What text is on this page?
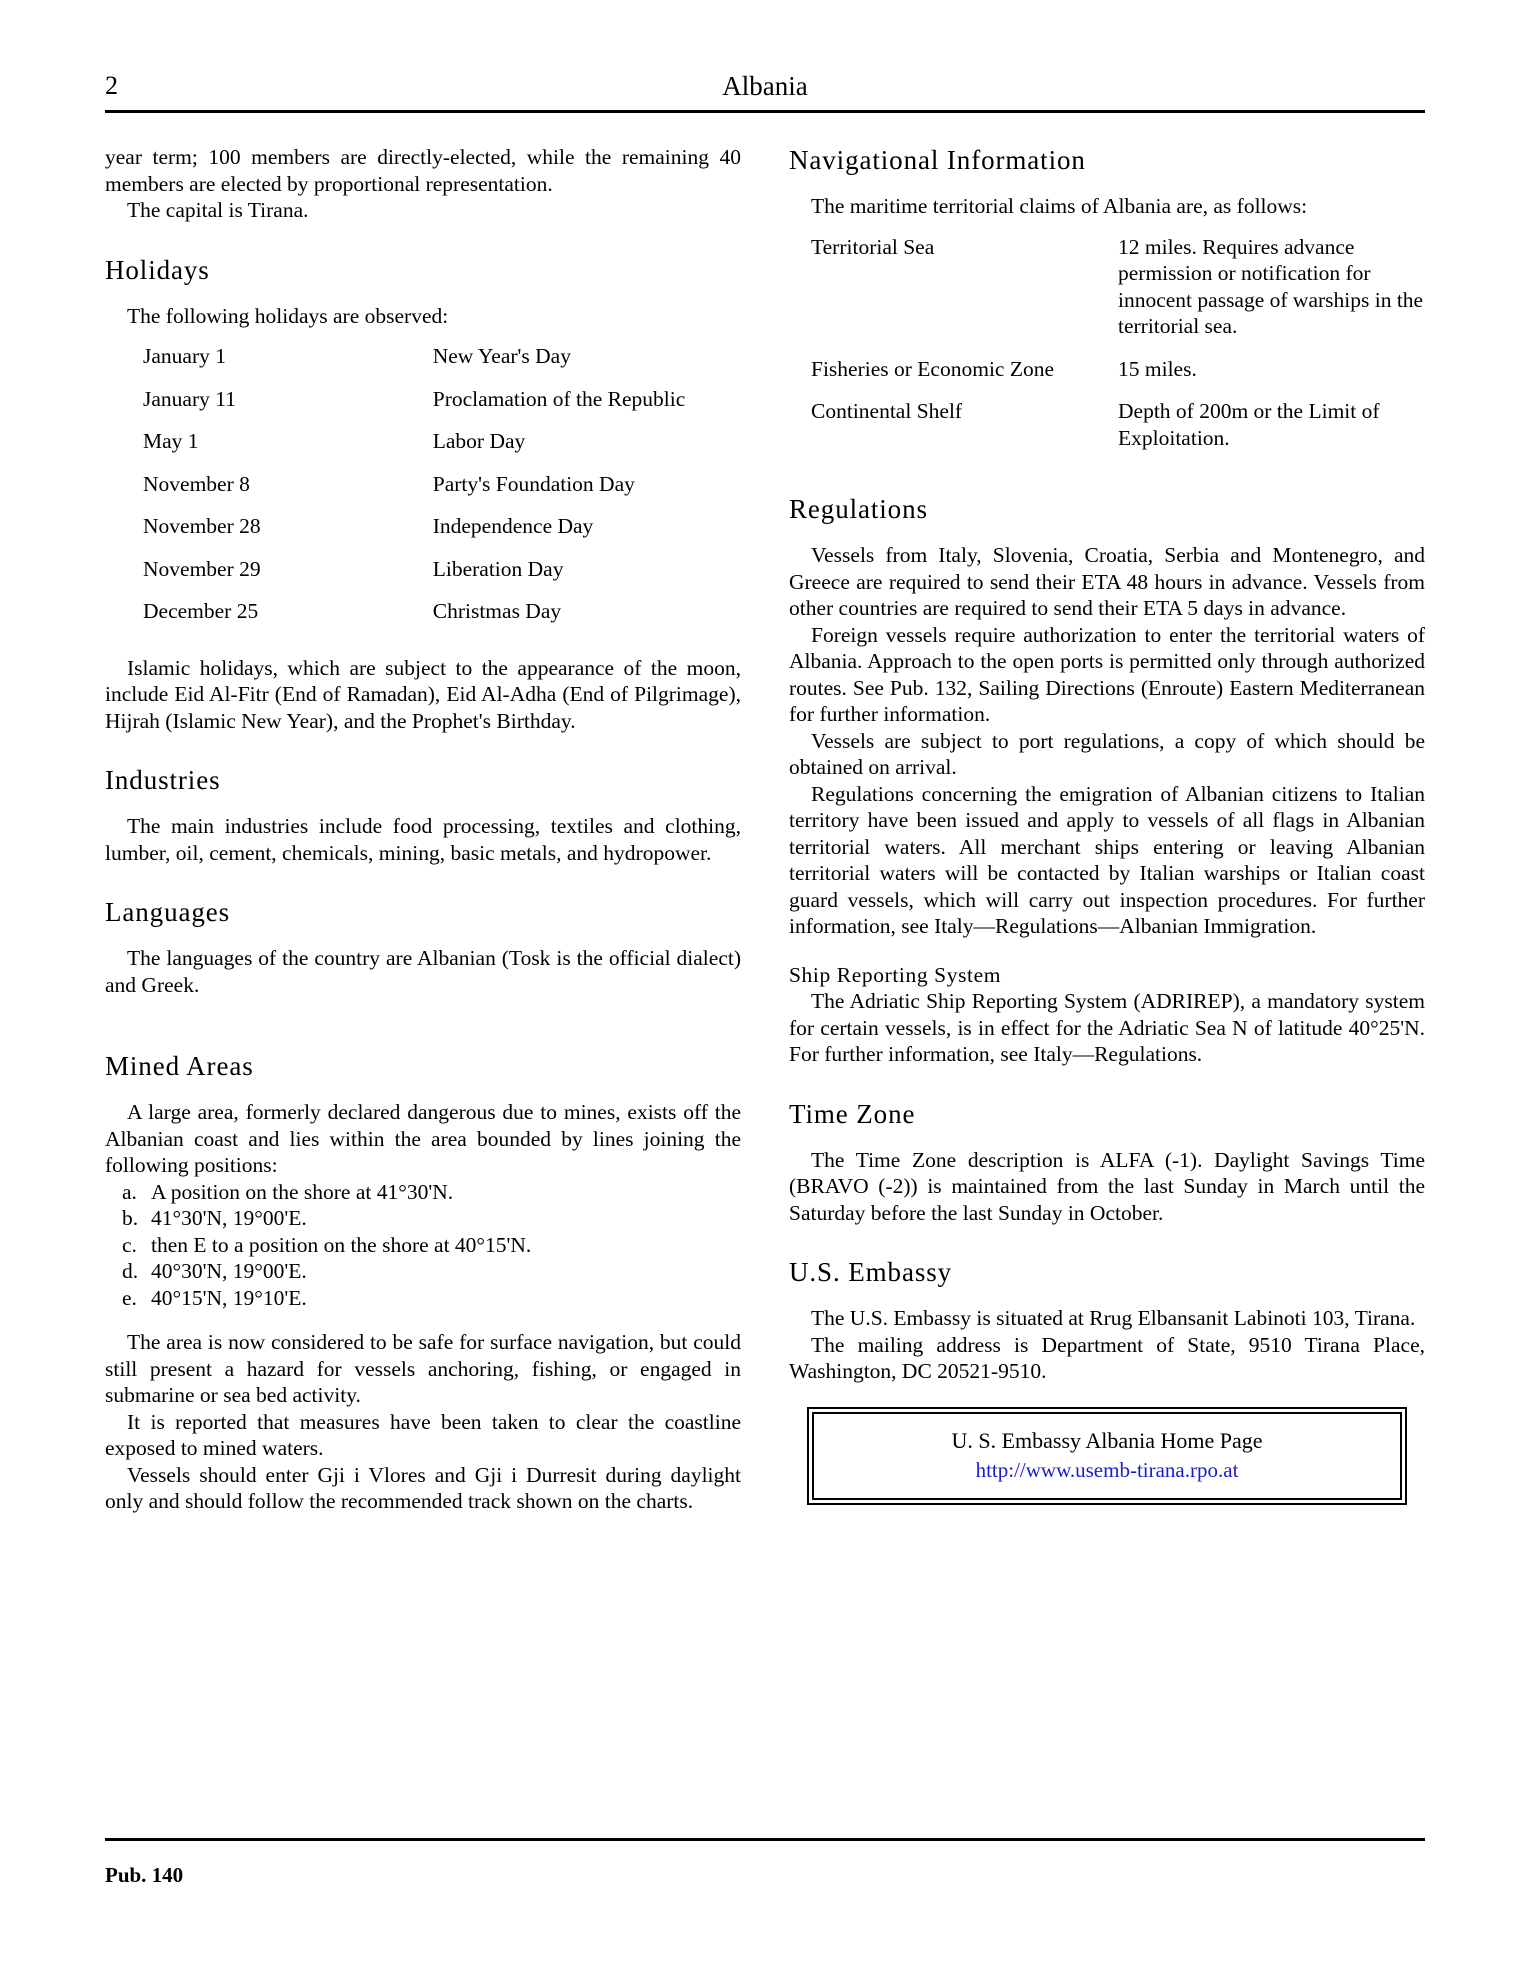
2	Albania

year term; 100 members are directly-elected, while the remaining 40 members are elected by proportional representation.

The capital is Tirana.

Holidays

The following holidays are observed:

January 1	New Year's Day
January 11	Proclamation of the Republic
May 1	Labor Day
November 8	Party's Foundation Day
November 28	Independence Day
November 29	Liberation Day
December 25	Christmas Day

Islamic holidays, which are subject to the appearance of the moon, include Eid Al-Fitr (End of Ramadan), Eid Al-Adha (End of Pilgrimage), Hijrah (Islamic New Year), and the Prophet's Birthday.

Industries

The main industries include food processing, textiles and clothing, lumber, oil, cement, chemicals, mining, basic metals, and hydropower.

Languages

The languages of the country are Albanian (Tosk is the official dialect) and Greek.

Mined Areas

A large area, formerly declared dangerous due to mines, exists off the Albanian coast and lies within the area bounded by lines joining the following positions:

a. A position on the shore at 41°30'N.
b. 41°30'N, 19°00'E.
c. then E to a position on the shore at 40°15'N.
d. 40°30'N, 19°00'E.
e. 40°15'N, 19°10'E.

The area is now considered to be safe for surface navigation, but could still present a hazard for vessels anchoring, fishing, or engaged in submarine or sea bed activity.

It is reported that measures have been taken to clear the coastline exposed to mined waters.

Vessels should enter Gji i Vlores and Gji i Durresit during daylight only and should follow the recommended track shown on the charts.

Navigational Information

The maritime territorial claims of Albania are, as follows:

Territorial Sea	12 miles. Requires advance permission or notification for innocent passage of warships in the territorial sea.
Fisheries or Economic Zone	15 miles.
Continental Shelf	Depth of 200m or the Limit of Exploitation.
Regulations

Vessels from Italy, Slovenia, Croatia, Serbia and Montenegro, and Greece are required to send their ETA 48 hours in advance. Vessels from other countries are required to send their ETA 5 days in advance.

Foreign vessels require authorization to enter the territorial waters of Albania. Approach to the open ports is permitted only through authorized routes. See Pub. 132, Sailing Directions (Enroute) Eastern Mediterranean for further information.

Vessels are subject to port regulations, a copy of which should be obtained on arrival.

Regulations concerning the emigration of Albanian citizens to Italian territory have been issued and apply to vessels of all flags in Albanian territorial waters. All merchant ships entering or leaving Albanian territorial waters will be contacted by Italian warships or Italian coast guard vessels, which will carry out inspection procedures. For further information, see Italy—Regulations—Albanian Immigration.

Ship Reporting System

The Adriatic Ship Reporting System (ADRIREP), a mandatory system for certain vessels, is in effect for the Adriatic Sea N of latitude 40°25'N. For further information, see Italy—Regulations.

Time Zone

The Time Zone description is ALFA (-1). Daylight Savings Time (BRAVO (-2)) is maintained from the last Sunday in March until the Saturday before the last Sunday in October.

U.S. Embassy

The U.S. Embassy is situated at Rrug Elbansanit Labinoti 103, Tirana.

The mailing address is Department of State, 9510 Tirana Place, Washington, DC 20521-9510.

U. S. Embassy Albania Home Page
http://www.usemb-tirana.rpo.at
Pub. 140
